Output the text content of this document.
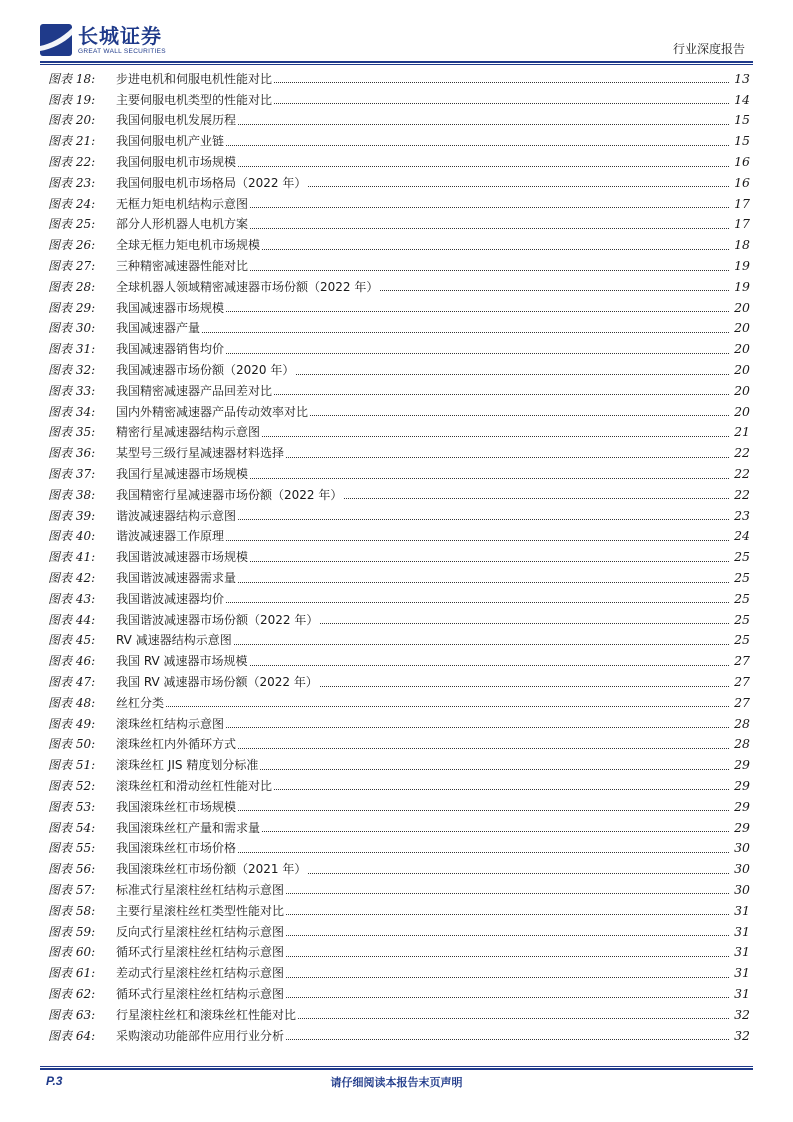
长城证券
GREAT WALL SECURITIES	行业深度报告
图表 18:	步进电机和伺服电机性能对比	13
图表 19:	主要伺服电机类型的性能对比	14
图表 20:	我国伺服电机发展历程	15
图表 21:	我国伺服电机产业链	15
图表 22:	我国伺服电机市场规模	16
图表 23:	我国伺服电机市场格局（2022 年）	16
图表 24:	无框力矩电机结构示意图	17
图表 25:	部分人形机器人电机方案	17
图表 26:	全球无框力矩电机市场规模	18
图表 27:	三种精密减速器性能对比	19
图表 28:	全球机器人领域精密减速器市场份额（2022 年）	19
图表 29:	我国减速器市场规模	20
图表 30:	我国减速器产量	20
图表 31:	我国减速器销售均价	20
图表 32:	我国减速器市场份额（2020 年）	20
图表 33:	我国精密减速器产品回差对比	20
图表 34:	国内外精密减速器产品传动效率对比	20
图表 35:	精密行星减速器结构示意图	21
图表 36:	某型号三级行星减速器材料选择	22
图表 37:	我国行星减速器市场规模	22
图表 38:	我国精密行星减速器市场份额（2022 年）	22
图表 39:	谐波减速器结构示意图	23
图表 40:	谐波减速器工作原理	24
图表 41:	我国谐波减速器市场规模	25
图表 42:	我国谐波减速器需求量	25
图表 43:	我国谐波减速器均价	25
图表 44:	我国谐波减速器市场份额（2022 年）	25
图表 45:	RV 减速器结构示意图	25
图表 46:	我国 RV 减速器市场规模	27
图表 47:	我国 RV 减速器市场份额（2022 年）	27
图表 48:	丝杠分类	27
图表 49:	滚珠丝杠结构示意图	28
图表 50:	滚珠丝杠内外循环方式	28
图表 51:	滚珠丝杠 JIS 精度划分标准	29
图表 52:	滚珠丝杠和滑动丝杠性能对比	29
图表 53:	我国滚珠丝杠市场规模	29
图表 54:	我国滚珠丝杠产量和需求量	29
图表 55:	我国滚珠丝杠市场价格	30
图表 56:	我国滚珠丝杠市场份额（2021 年）	30
图表 57:	标准式行星滚柱丝杠结构示意图	30
图表 58:	主要行星滚柱丝杠类型性能对比	31
图表 59:	反向式行星滚柱丝杠结构示意图	31
图表 60:	循环式行星滚柱丝杠结构示意图	31
图表 61:	差动式行星滚柱丝杠结构示意图	31
图表 62:	循环式行星滚柱丝杠结构示意图	31
图表 63:	行星滚柱丝杠和滚珠丝杠性能对比	32
图表 64:	采购滚动功能部件应用行业分析	32
P.3	请仔细阅读本报告末页声明
